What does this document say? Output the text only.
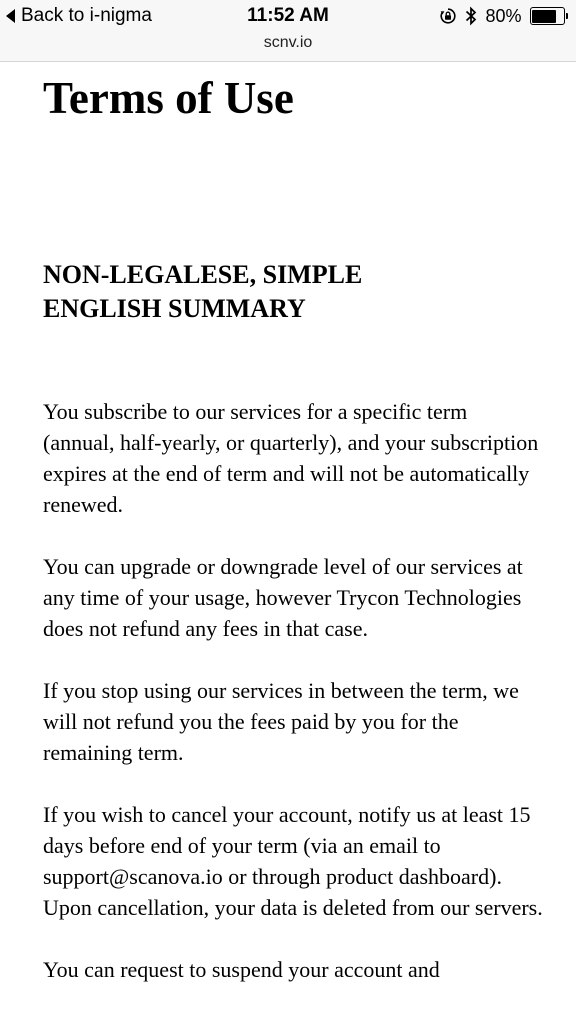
Back to i-nigma	11:52 AM	80%
scnv.io
Terms of Use
NON-LEGALESE, SIMPLE
ENGLISH SUMMARY

You subscribe to our services for a specific term (annual, half-yearly, or quarterly), and your subscription expires at the end of term and will not be automatically renewed.

You can upgrade or downgrade level of our services at any time of your usage, however Trycon Technologies does not refund any fees in that case.

If you stop using our services in between the term, we will not refund you the fees paid by you for the remaining term.

If you wish to cancel your account, notify us at least 15 days before end of your term (via an email to support@scanova.io or through product dashboard). Upon cancellation, your data is deleted from our servers.

You can request to suspend your account and
